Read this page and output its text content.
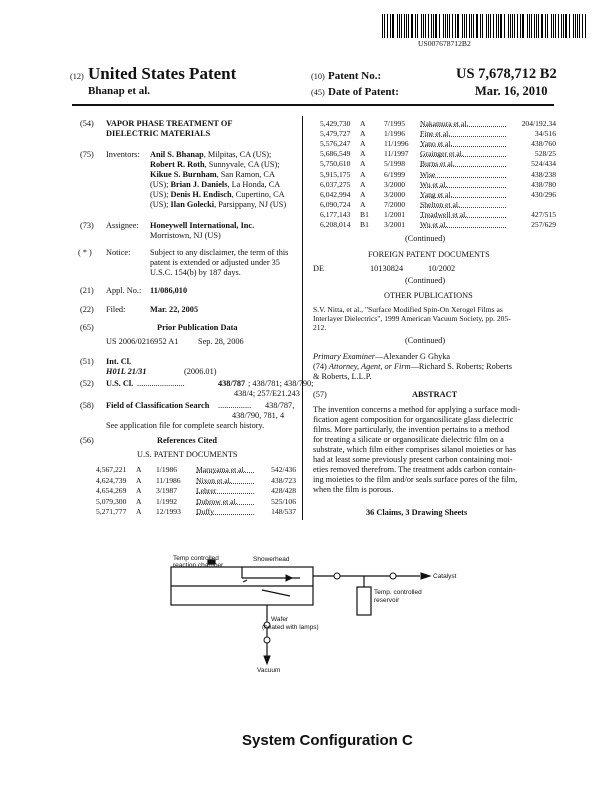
US007678712B2
(12) United States Patent
Bhanap et al.
(10) Patent No.:	US 7,678,712 B2
(45) Date of Patent:	Mar. 16, 2010
(54) VAPOR PHASE TREATMENT OF
DIELECTRIC MATERIALS
(75) Inventors: Anil S. Bhanap, Milpitas, CA (US);
Robert R. Roth, Sunnyvale, CA (US);
Kikue S. Burnham, San Ramon, CA
(US); Brian J. Daniels, La Honda, CA
(US); Denis H. Endisch, Cupertino, CA
(US); Ilan Golecki, Parsippany, NJ (US)
(73) Assignee: Honeywell International, Inc.
Morristown, NJ (US)
( * ) Notice: Subject to any disclaimer, the term of this
patent is extended or adjusted under 35
U.S.C. 154(b) by 187 days.
(21) Appl. No.: 11/086,010
(22) Filed:	Mar. 22, 2005
(65)	Prior Publication Data
US 2006/0216952 A1 Sep. 28, 2006
(51) Int. Cl.
H01L 21/31	(2006.01)
(52) U.S. Cl. .......................	438/787 ; 438/781; 438/790;
438/4; 257/E21.243
(58) Field of Classification Search ................ 438/787,
438/790, 781, 4
See application file for complete search history.
(56)	References Cited
U.S. PATENT DOCUMENTS
4,567,221 A 1/1986 Maruyama et al.	542/436
4,624,739 A 11/1986 Nixon et al.	438/723
4,654,269 A 3/1987 Lehrer	428/428
5,079,300 A 1/1992 Dubrow et al.	525/106
5,271,777 A 12/1993 Duffy	148/537
5,429,730 A 7/1995 Nakamura et al.	204/192.34
5,479,727 A 1/1996 Fine et al.	34/516
5,576,247 A 11/1996 Yano et al.	438/760
5,686,549 A 11/1997 Grainger et al.	528/25
5,750,610 A 5/1998 Burns et al.	524/434
5,915,175 A 6/1999 Wise	438/238
6,037,275 A 3/2000 Wu et al.	438/780
6,042,994 A 3/2000 Yang et al.	430/296
6,090,724 A 7/2000 Shelton et al.
6,177,143 B1 1/2001 Treadwell et al.	427/515
6,208,014 B1 3/2001 Wu et al.	257/629
(Continued)
FOREIGN PATENT DOCUMENTS
DE	10130824	10/2002
(Continued)
OTHER PUBLICATIONS
S.V. Nitta, et al., "Surface Modified Spin-On Xerogel Films as
Interlayer Dielectrics", 1999 American Vacuum Society, pp. 205-
212.
(Continued)
Primary Examiner—Alexander G Ghyka
(74) Attorney, Agent, or Firm—Richard S. Roberts; Roberts
& Roberts, L.L.P.
(57)	ABSTRACT
The invention concerns a method for applying a surface modi-
fication agent composition for organosilicate glass dielectric
films. More particularly, the invention pertains to a method
for treating a silicate or organosilicate dielectric film on a
substrate, which film either comprises silanol moieties or has
had at least some previously present carbon containing moi-
eties removed therefrom. The treatment adds carbon contain-
ing moieties to the film and/or seals surface pores of the film,
when the film is porous.
36 Claims, 3 Drawing Sheets
Temp controlled
reaction chamber
Showerhead
Catalyst
Temp. controlled
reservoir
Wafer
(heated with lamps)
Vacuum
System Configuration C
